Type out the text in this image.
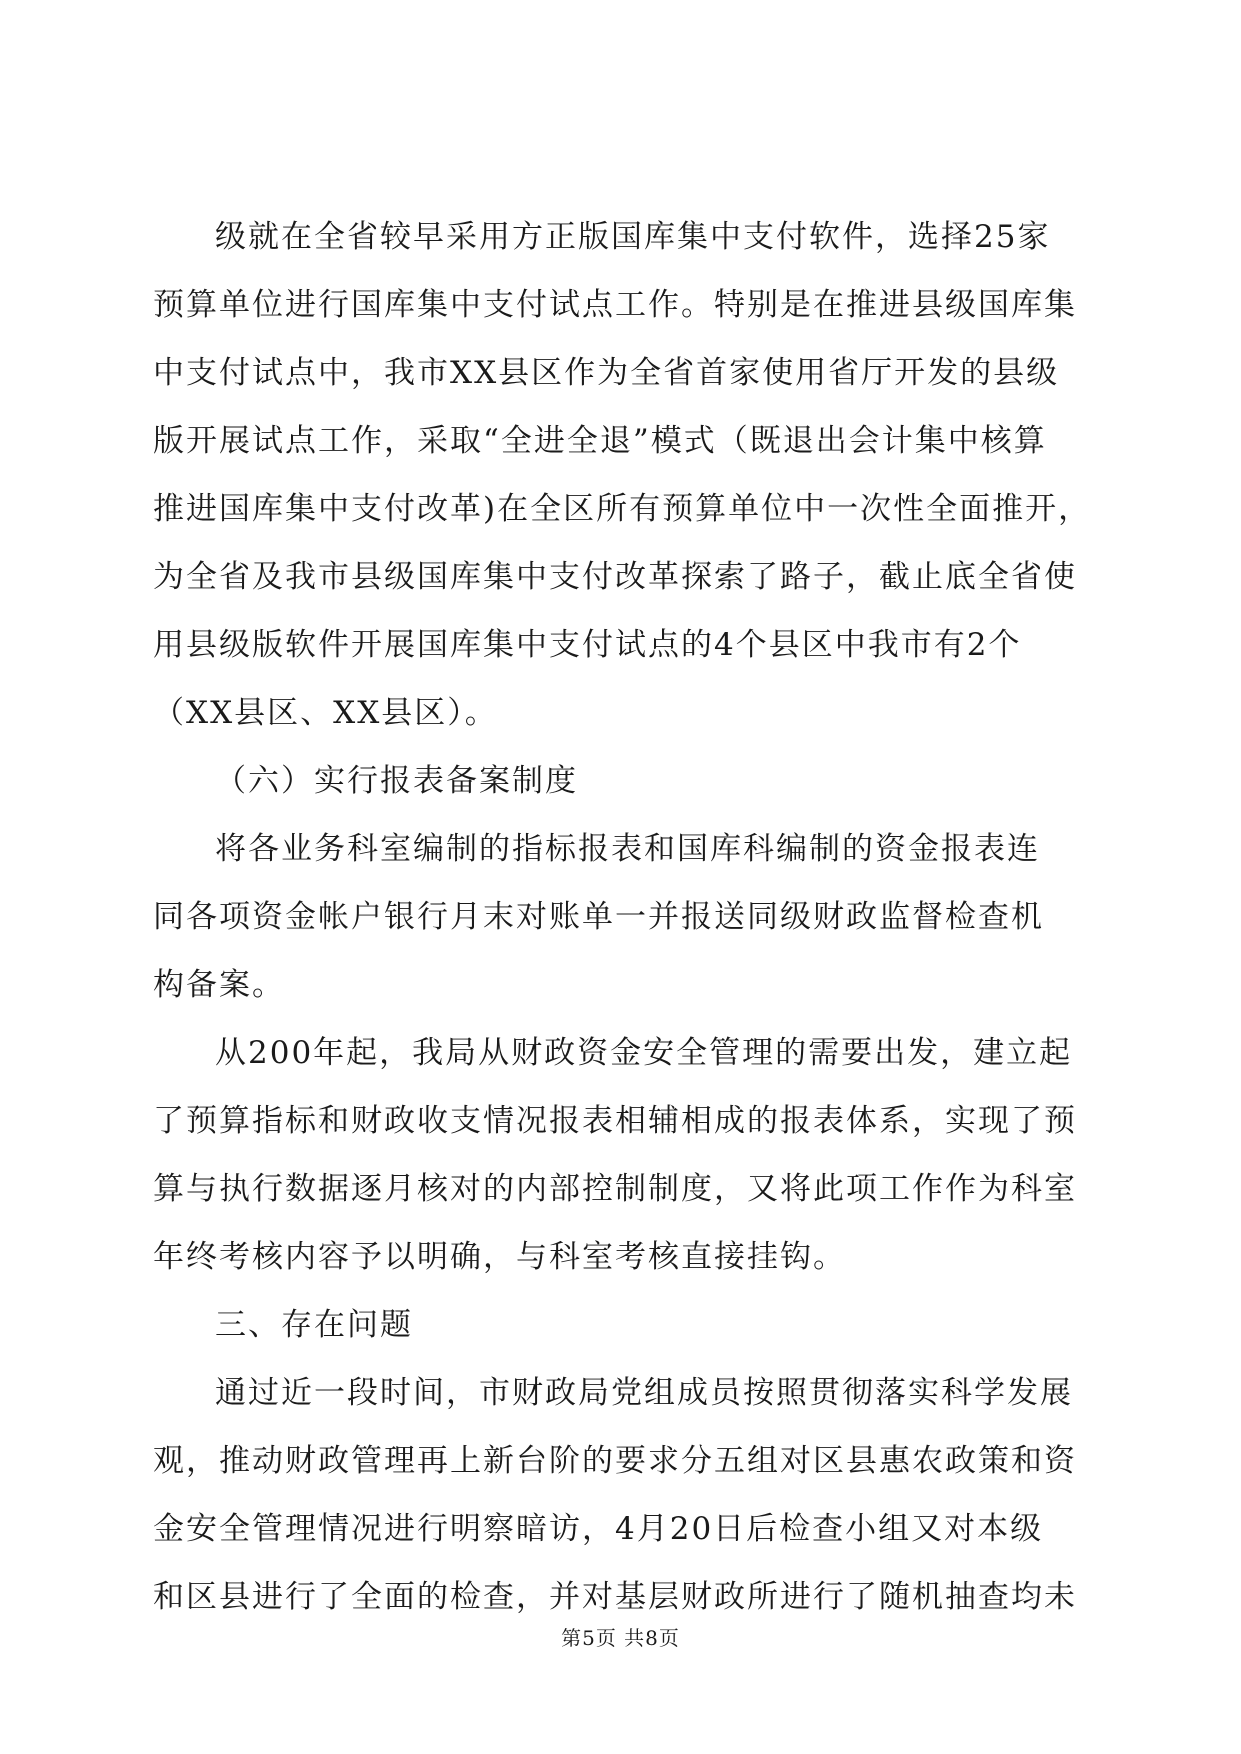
级就在全省较早采用方正版国库集中支付软件，选择25家
预算单位进行国库集中支付试点工作。特别是在推进县级国库集
中支付试点中，我市XX县区作为全省首家使用省厅开发的县级
版开展试点工作，采取“全进全退”模式（既退出会计集中核算
推进国库集中支付改革)在全区所有预算单位中一次性全面推开，
为全省及我市县级国库集中支付改革探索了路子，截止底全省使
用县级版软件开展国库集中支付试点的4个县区中我市有2个
（XX县区、XX县区）。
（六）实行报表备案制度
将各业务科室编制的指标报表和国库科编制的资金报表连
同各项资金帐户银行月末对账单一并报送同级财政监督检查机
构备案。
从200年起，我局从财政资金安全管理的需要出发，建立起
了预算指标和财政收支情况报表相辅相成的报表体系，实现了预
算与执行数据逐月核对的内部控制制度，又将此项工作作为科室
年终考核内容予以明确，与科室考核直接挂钩。
三、存在问题
通过近一段时间，市财政局党组成员按照贯彻落实科学发展
观，推动财政管理再上新台阶的要求分五组对区县惠农政策和资
金安全管理情况进行明察暗访，4月20日后检查小组又对本级
和区县进行了全面的检查，并对基层财政所进行了随机抽查均未
第5页 共8页
